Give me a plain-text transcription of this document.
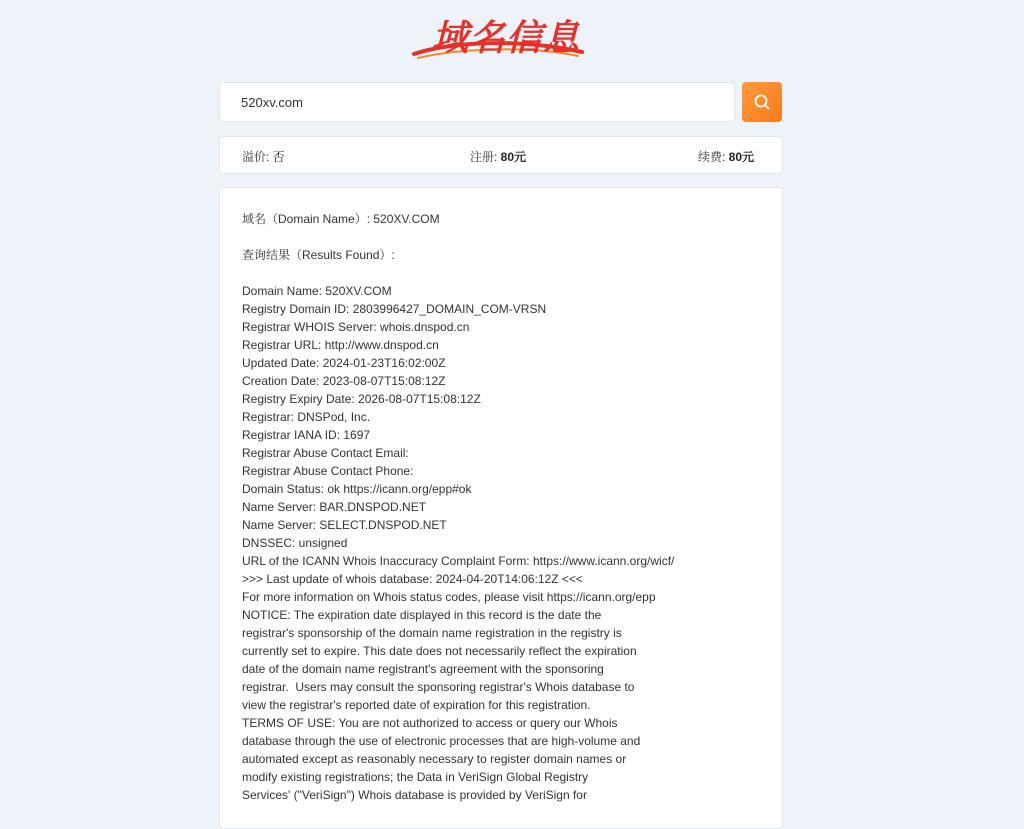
域名信息
520xv.com
溢价: 否	注册: 80元	续费: 80元
域名（Domain Name）: 520XV.COM
查询结果（Results Found）:
Domain Name: 520XV.COM
Registry Domain ID: 2803996427_DOMAIN_COM-VRSN
Registrar WHOIS Server: whois.dnspod.cn
Registrar URL: http://www.dnspod.cn
Updated Date: 2024-01-23T16:02:00Z
Creation Date: 2023-08-07T15:08:12Z
Registry Expiry Date: 2026-08-07T15:08:12Z
Registrar: DNSPod, Inc.
Registrar IANA ID: 1697
Registrar Abuse Contact Email:
Registrar Abuse Contact Phone:
Domain Status: ok https://icann.org/epp#ok
Name Server: BAR.DNSPOD.NET
Name Server: SELECT.DNSPOD.NET
DNSSEC: unsigned
URL of the ICANN Whois Inaccuracy Complaint Form: https://www.icann.org/wicf/
>>> Last update of whois database: 2024-04-20T14:06:12Z <<<
For more information on Whois status codes, please visit https://icann.org/epp
NOTICE: The expiration date displayed in this record is the date the
registrar's sponsorship of the domain name registration in the registry is
currently set to expire. This date does not necessarily reflect the expiration
date of the domain name registrant's agreement with the sponsoring
registrar.  Users may consult the sponsoring registrar's Whois database to
view the registrar's reported date of expiration for this registration.
TERMS OF USE: You are not authorized to access or query our Whois
database through the use of electronic processes that are high-volume and
automated except as reasonably necessary to register domain names or
modify existing registrations; the Data in VeriSign Global Registry
Services' ("VeriSign") Whois database is provided by VeriSign for
